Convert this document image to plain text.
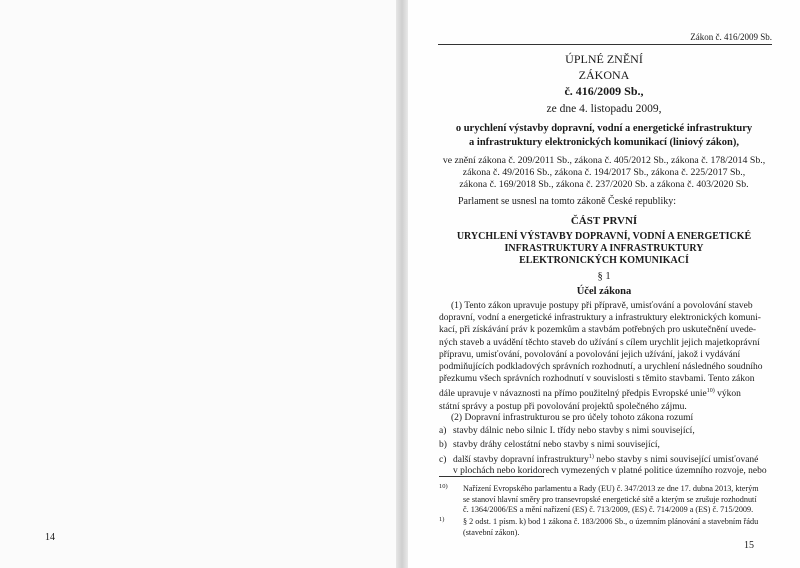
14
Zákon č. 416/2009 Sb.
ÚPLNÉ ZNĚNÍ
ZÁKONA
č. 416/2009 Sb.,
ze dne 4. listopadu 2009,
o urychlení výstavby dopravní, vodní a energetické infrastruktury
a infrastruktury elektronických komunikací (liniový zákon),
ve znění zákona č. 209/2011 Sb., zákona č. 405/2012 Sb., zákona č. 178/2014 Sb.,
zákona č. 49/2016 Sb., zákona č. 194/2017 Sb., zákona č. 225/2017 Sb.,
zákona č. 169/2018 Sb., zákona č. 237/2020 Sb. a zákona č. 403/2020 Sb.
Parlament se usnesl na tomto zákoně České republiky:
ČÁST PRVNÍ
URYCHLENÍ VÝSTAVBY DOPRAVNÍ, VODNÍ A ENERGETICKÉ
INFRASTRUKTURY A INFRASTRUKTURY
ELEKTRONICKÝCH KOMUNIKACÍ
§ 1
Účel zákona
(1) Tento zákon upravuje postupy při přípravě, umisťování a povolování staveb
dopravní, vodní a energetické infrastruktury a infrastruktury elektronických komuni-
kací, při získávání práv k pozemkům a stavbám potřebných pro uskutečnění uvede-
ných staveb a uvádění těchto staveb do užívání s cílem urychlit jejich majetkoprávní
přípravu, umisťování, povolování a povolování jejich užívání, jakož i vydávání
podmiňujících podkladových správních rozhodnutí, a urychlení následného soudního
přezkumu všech správních rozhodnutí v souvislosti s těmito stavbami. Tento zákon
dále upravuje v návaznosti na přímo použitelný předpis Evropské unie$^{10)}$ výkon
státní správy a postup při povolování projektů společného zájmu.
(2) Dopravní infrastrukturou se pro účely tohoto zákona rozumí
a) stavby dálnic nebo silnic I. třídy nebo stavby s nimi související,
b) stavby dráhy celostátní nebo stavby s nimi související,
c) další stavby dopravní infrastruktury$^{1)}$ nebo stavby s nimi související umisťované
v plochách nebo koridorech vymezených v platné politice územního rozvoje, nebo
10) Nařízení Evropského parlamentu a Rady (EU) č. 347/2013 ze dne 17. dubna 2013, kterým
se stanoví hlavní směry pro transevropské energetické sítě a kterým se zrušuje rozhodnutí
č. 1364/2006/ES a mění nařízení (ES) č. 713/2009, (ES) č. 714/2009 a (ES) č. 715/2009.
1) § 2 odst. 1 písm. k) bod 1 zákona č. 183/2006 Sb., o územním plánování a stavebním řádu
(stavební zákon).
15
